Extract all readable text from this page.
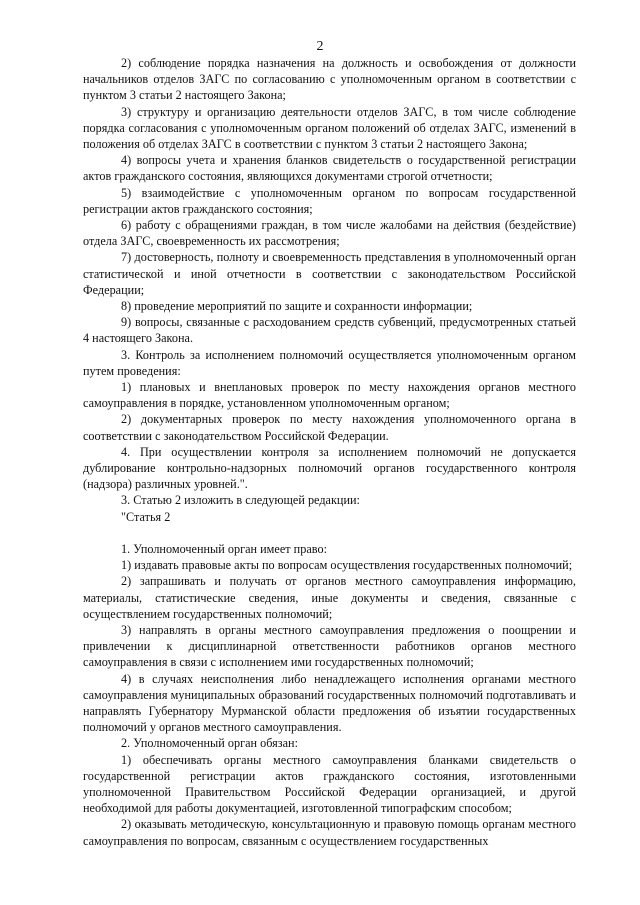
2

2) соблюдение порядка назначения на должность и освобождения от должности начальников отделов ЗАГС по согласованию с уполномоченным органом в соответствии с пунктом 3 статьи 2 настоящего Закона;

3) структуру и организацию деятельности отделов ЗАГС, в том числе соблюдение порядка согласования с уполномоченным органом положений об отделах ЗАГС, изменений в положения об отделах ЗАГС в соответствии с пунктом 3 статьи 2 настоящего Закона;

4) вопросы учета и хранения бланков свидетельств о государственной регистрации актов гражданского состояния, являющихся документами строгой отчетности;

5) взаимодействие с уполномоченным органом по вопросам государственной регистрации актов гражданского состояния;

6) работу с обращениями граждан, в том числе жалобами на действия (бездействие) отдела ЗАГС, своевременность их рассмотрения;

7) достоверность, полноту и своевременность представления в уполномоченный орган статистической и иной отчетности в соответствии с законодательством Российской Федерации;

8) проведение мероприятий по защите и сохранности информации;

9) вопросы, связанные с расходованием средств субвенций, предусмотренных статьей 4 настоящего Закона.

3. Контроль за исполнением полномочий осуществляется уполномоченным органом путем проведения:

1) плановых и внеплановых проверок по месту нахождения органов местного самоуправления в порядке, установленном уполномоченным органом;

2) документарных проверок по месту нахождения уполномоченного органа в соответствии с законодательством Российской Федерации.

4. При осуществлении контроля за исполнением полномочий не допускается дублирование контрольно-надзорных полномочий органов государственного контроля (надзора) различных уровней.".

3. Статью 2 изложить в следующей редакции:

"Статья 2

1. Уполномоченный орган имеет право:

1) издавать правовые акты по вопросам осуществления государственных полномочий;

2) запрашивать и получать от органов местного самоуправления информацию, материалы, статистические сведения, иные документы и сведения, связанные с осуществлением государственных полномочий;

3) направлять в органы местного самоуправления предложения о поощрении и привлечении к дисциплинарной ответственности работников органов местного самоуправления в связи с исполнением ими государственных полномочий;

4) в случаях неисполнения либо ненадлежащего исполнения органами местного самоуправления муниципальных образований государственных полномочий подготавливать и направлять Губернатору Мурманской области предложения об изъятии государственных полномочий у органов местного самоуправления.

2. Уполномоченный орган обязан:

1) обеспечивать органы местного самоуправления бланками свидетельств о государственной регистрации актов гражданского состояния, изготовленными уполномоченной Правительством Российской Федерации организацией, и другой необходимой для работы документацией, изготовленной типографским способом;

2) оказывать методическую, консультационную и правовую помощь органам местного самоуправления по вопросам, связанным с осуществлением государственных
